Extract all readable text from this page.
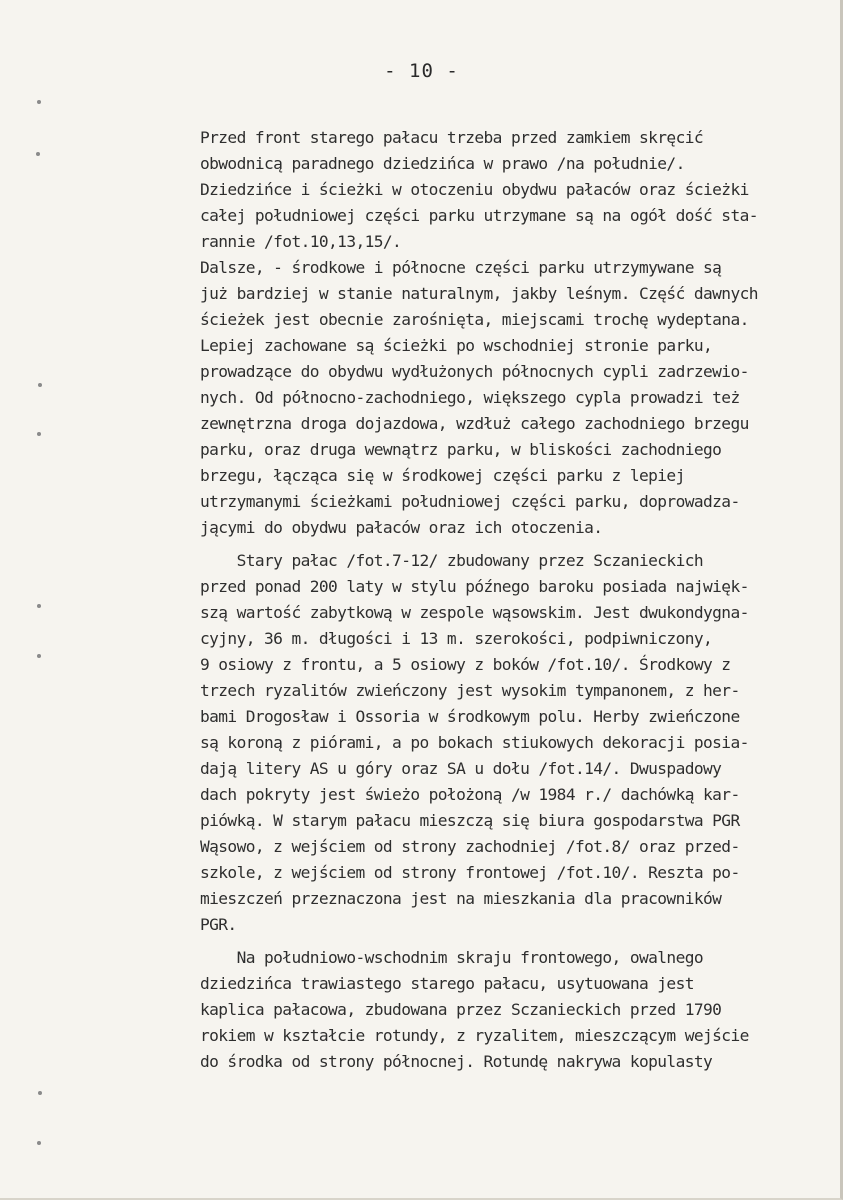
- 10 -

Przed front starego pałacu trzeba przed zamkiem skręcić

obwodnicą paradnego dziedzińca w prawo /na południe/.

Dziedzińce i ścieżki w otoczeniu obydwu pałaców oraz ścieżki

całej południowej części parku utrzymane są na ogół dość sta-

rannie /fot.10,13,15/.

Dalsze, - środkowe i północne części parku utrzymywane są

już bardziej w stanie naturalnym, jakby leśnym. Część dawnych

ścieżek jest obecnie zarośnięta, miejscami trochę wydeptana.

Lepiej zachowane są ścieżki po wschodniej stronie parku,

prowadzące do obydwu wydłużonych północnych cypli zadrzewio-

nych. Od północno-zachodniego, większego cypla prowadzi też

zewnętrzna droga dojazdowa, wzdłuż całego zachodniego brzegu

parku, oraz druga wewnątrz parku, w bliskości zachodniego

brzegu, łącząca się w środkowej części parku z lepiej

utrzymanymi ścieżkami południowej części parku, doprowadza-

jącymi do obydwu pałaców oraz ich otoczenia.

Stary pałac /fot.7-12/ zbudowany przez Sczanieckich

przed ponad 200 laty w stylu późnego baroku posiada najwięk-

szą wartość zabytkową w zespole wąsowskim. Jest dwukondygna-

cyjny, 36 m. długości i 13 m. szerokości, podpiwniczony,

9 osiowy z frontu, a 5 osiowy z boków /fot.10/. Środkowy z

trzech ryzalitów zwieńczony jest wysokim tympanonem, z her-

bami Drogosław i Ossoria w środkowym polu. Herby zwieńczone

są koroną z piórami, a po bokach stiukowych dekoracji posia-

dają litery AS u góry oraz SA u dołu /fot.14/. Dwuspadowy

dach pokryty jest świeżo położoną /w 1984 r./ dachówką kar-

piówką. W starym pałacu mieszczą się biura gospodarstwa PGR

Wąsowo, z wejściem od strony zachodniej /fot.8/ oraz przed-

szkole, z wejściem od strony frontowej /fot.10/. Reszta po-

mieszczeń przeznaczona jest na mieszkania dla pracowników

PGR.

Na południowo-wschodnim skraju frontowego, owalnego

dziedzińca trawiastego starego pałacu, usytuowana jest

kaplica pałacowa, zbudowana przez Sczanieckich przed 1790

rokiem w kształcie rotundy, z ryzalitem, mieszczącym wejście

do środka od strony północnej. Rotundę nakrywa kopulasty
